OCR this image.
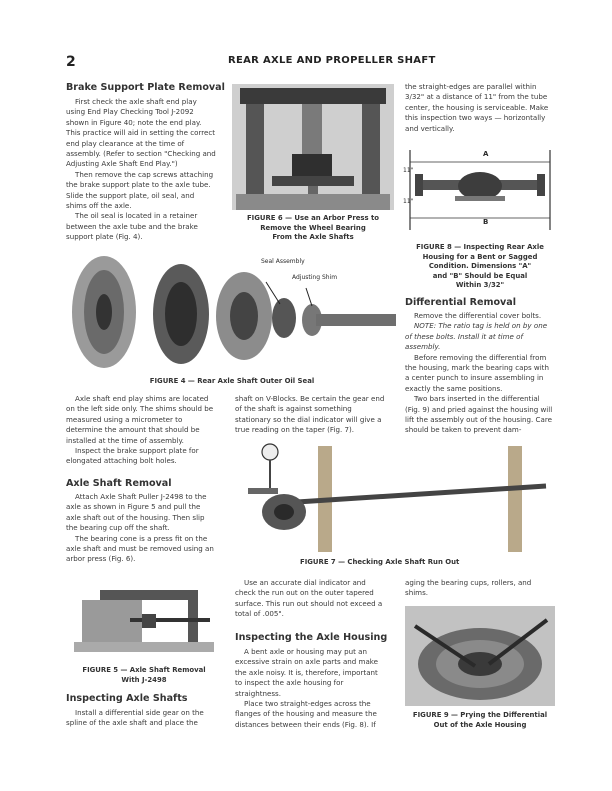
2	REAR AXLE AND PROPELLER SHAFT
Brake Support Plate Removal
First check the axle shaft end play using End Play Checking Tool J-2092 shown in Figure 40; note the end play. This practice will aid in setting the correct end play clearance at the time of assembly. (Refer to section "Checking and Adjusting Axle Shaft End Play.")
Then remove the cap screws attaching the brake support plate to the axle tube. Slide the support plate, oil seal, and shims off the axle.
The oil seal is located in a retainer between the axle tube and the brake support plate (Fig. 4).
FIGURE 6 — Use an Arbor Press to
Remove the Wheel Bearing
From the Axle Shafts
the straight-edges are parallel within 3/32" at a distance of 11" from the tube center, the housing is serviceable. Make this inspection two ways — horizontally and vertically.
A
B
11"
11"
FIGURE 8 — Inspecting Rear Axle
Housing for a Bent or Sagged
Condition. Dimensions "A"
and "B" Should be Equal
Within 3/32"
Differential Removal
Remove the differential cover bolts.
NOTE: The ratio tag is held on by one of these bolts. Install it at time of assembly.
Before removing the differential from the housing, mark the bearing caps with a center punch to insure assembling in exactly the same positions.
Two bars inserted in the differential (Fig. 9) and pried against the housing will lift the assembly out of the housing. Care should be taken to prevent dam-
Seal Assembly
Adjusting Shim
FIGURE 4 — Rear Axle Shaft Outer Oil Seal
Axle shaft end play shims are located on the left side only. The shims should be measured using a micrometer to determine the amount that should be installed at the time of assembly.
Inspect the brake support plate for elongated attaching bolt holes.
shaft on V-Blocks. Be certain the gear end of the shaft is against something stationary so the dial indicator will give a true reading on the taper (Fig. 7).
Axle Shaft Removal
Attach Axle Shaft Puller J-2498 to the axle as shown in Figure 5 and pull the axle shaft out of the housing. Then slip the bearing cup off the shaft.
The bearing cone is a press fit on the axle shaft and must be removed using an arbor press (Fig. 6).	FIGURE 7 — Checking Axle Shaft Run Out
Use an accurate dial indicator and check the run out on the outer tapered surface. This run out should not exceed a total of .005".
aging the bearing cups, rollers, and shims.
FIGURE 5 — Axle Shaft Removal
With J-2498
Inspecting Axle Shafts
Install a differential side gear on the spline of the axle shaft and place the
Inspecting the Axle Housing
A bent axle or housing may put an excessive strain on axle parts and make the axle noisy. It is, therefore, important to inspect the axle housing for straightness.
Place two straight-edges across the flanges of the housing and measure the distances between their ends (Fig. 8). If
FIGURE 9 — Prying the Differential
Out of the Axle Housing
